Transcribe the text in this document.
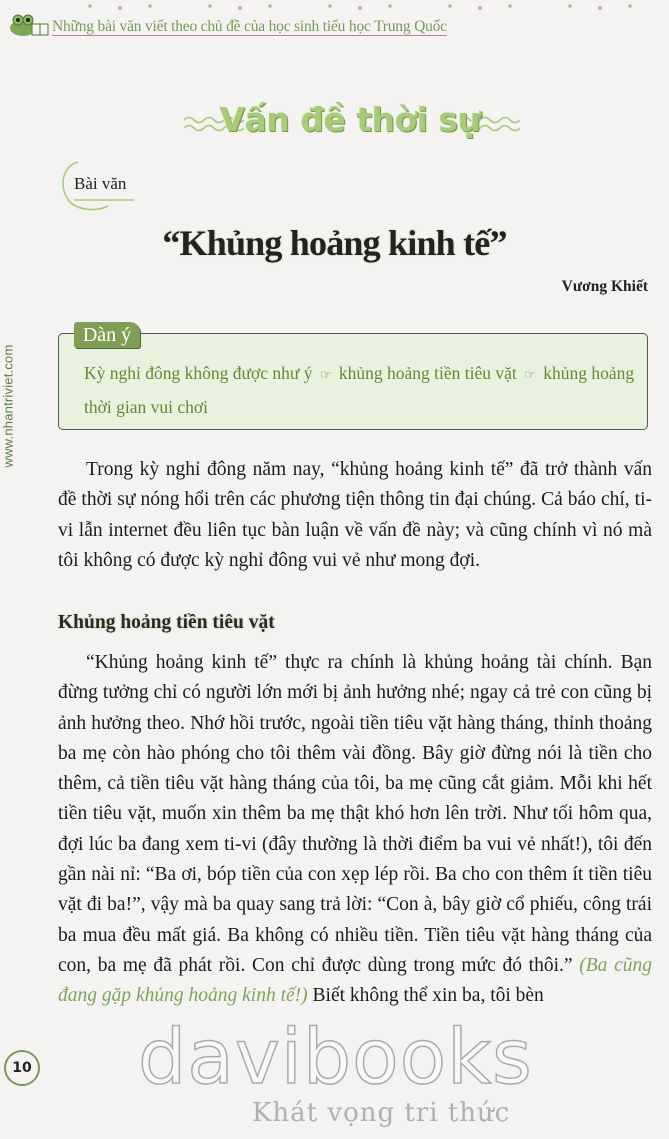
Những bài văn viết theo chủ đề của học sinh tiểu học Trung Quốc
www.nhantriviet.com
Vấn đề thời sự
Bài văn
“Khủng hoảng kinh tế”
Vương Khiết
Dàn ý
Kỳ nghỉ đông không được như ý ☞ khủng hoảng tiền tiêu vặt ☞ khủng hoảng thời gian vui chơi
Trong kỳ nghỉ đông năm nay, “khủng hoảng kinh tế” đã trở thành vấn đề thời sự nóng hổi trên các phương tiện thông tin đại chúng. Cả báo chí, ti-vi lẫn internet đều liên tục bàn luận về vấn đề này; và cũng chính vì nó mà tôi không có được kỳ nghỉ đông vui vẻ như mong đợi.
Khủng hoảng tiền tiêu vặt
“Khủng hoảng kinh tế” thực ra chính là khủng hoảng tài chính. Bạn đừng tưởng chỉ có người lớn mới bị ảnh hưởng nhé; ngay cả trẻ con cũng bị ảnh hưởng theo. Nhớ hồi trước, ngoài tiền tiêu vặt hàng tháng, thỉnh thoảng ba mẹ còn hào phóng cho tôi thêm vài đồng. Bây giờ đừng nói là tiền cho thêm, cả tiền tiêu vặt hàng tháng của tôi, ba mẹ cũng cắt giảm. Mỗi khi hết tiền tiêu vặt, muốn xin thêm ba mẹ thật khó hơn lên trời. Như tối hôm qua, đợi lúc ba đang xem ti-vi (đây thường là thời điểm ba vui vẻ nhất!), tôi đến gần nài nỉ: “Ba ơi, bóp tiền của con xẹp lép rồi. Ba cho con thêm ít tiền tiêu vặt đi ba!”, vậy mà ba quay sang trả lời: “Con à, bây giờ cổ phiếu, công trái ba mua đều mất giá. Ba không có nhiều tiền. Tiền tiêu vặt hàng tháng của con, ba mẹ đã phát rồi. Con chỉ được dùng trong mức đó thôi.” (Ba cũng đang gặp khủng hoảng kinh tế!) Biết không thể xin ba, tôi bèn
10 davibooks
Khát vọng tri thức
